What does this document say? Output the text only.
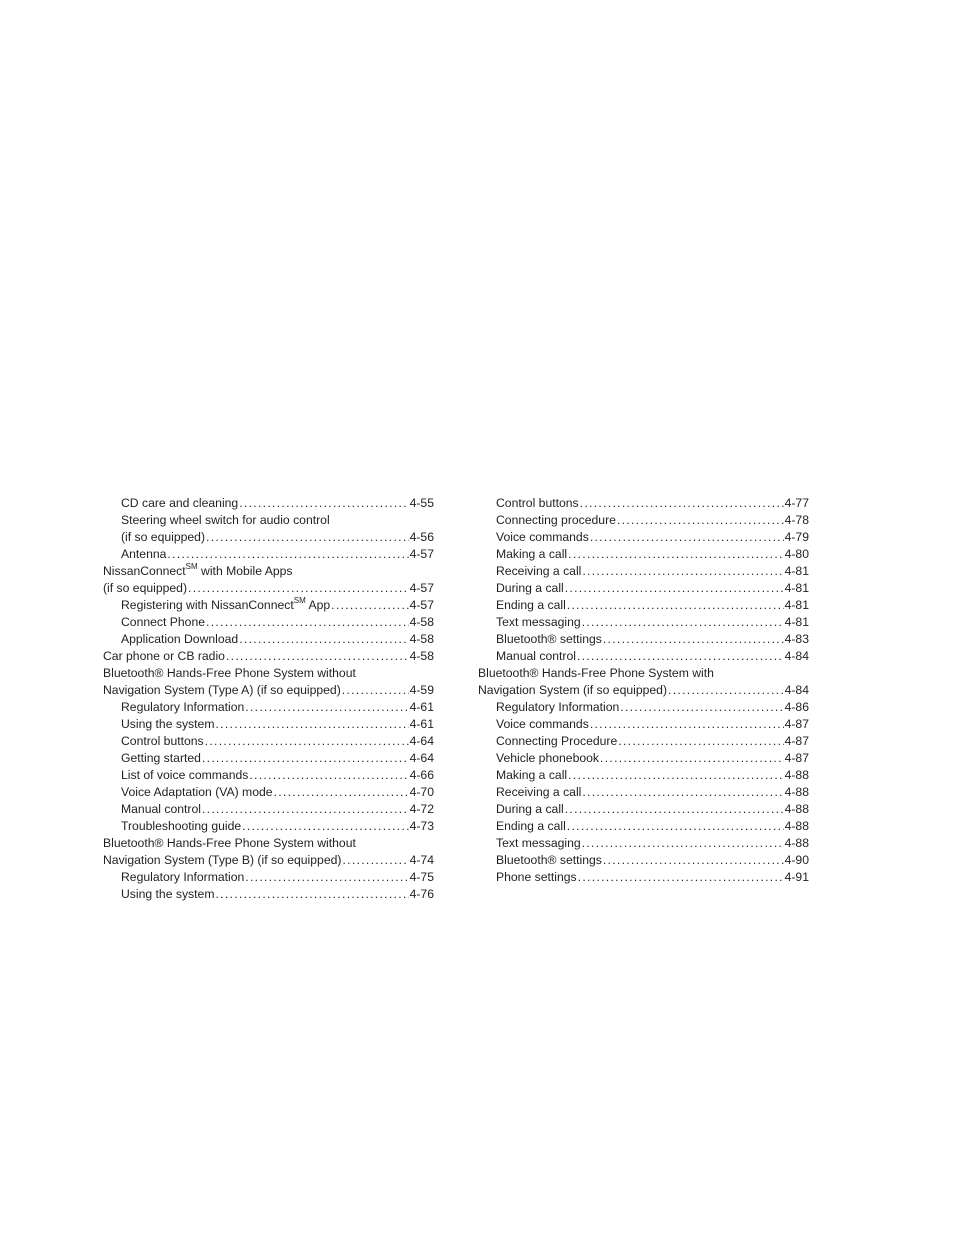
CD care and cleaning .....	4-55
Steering wheel switch for audio control
(if so equipped) .....	4-56
Antenna .....	4-57
NissanConnect℠ with Mobile Apps
(if so equipped) .....	4-57
Registering with NissanConnect℠ App .....	4-57
Connect Phone .....	4-58
Application Download .....	4-58
Car phone or CB radio .....	4-58
Bluetooth® Hands-Free Phone System without
Navigation System (Type A) (if so equipped) .....	4-59
Regulatory Information .....	4-61
Using the system .....	4-61
Control buttons .....	4-64
Getting started .....	4-64
List of voice commands .....	4-66
Voice Adaptation (VA) mode .....	4-70
Manual control .....	4-72
Troubleshooting guide .....	4-73
Bluetooth® Hands-Free Phone System without
Navigation System (Type B) (if so equipped) .....	4-74
Regulatory Information .....	4-75
Using the system .....	4-76
Control buttons .....	4-77
Connecting procedure .....	4-78
Voice commands .....	4-79
Making a call .....	4-80
Receiving a call .....	4-81
During a call .....	4-81
Ending a call .....	4-81
Text messaging .....	4-81
Bluetooth® settings .....	4-83
Manual control .....	4-84
Bluetooth® Hands-Free Phone System with
Navigation System (if so equipped) .....	4-84
Regulatory Information .....	4-86
Voice commands .....	4-87
Connecting Procedure .....	4-87
Vehicle phonebook .....	4-87
Making a call .....	4-88
Receiving a call .....	4-88
During a call .....	4-88
Ending a call .....	4-88
Text messaging .....	4-88
Bluetooth® settings .....	4-90
Phone settings .....	4-91
